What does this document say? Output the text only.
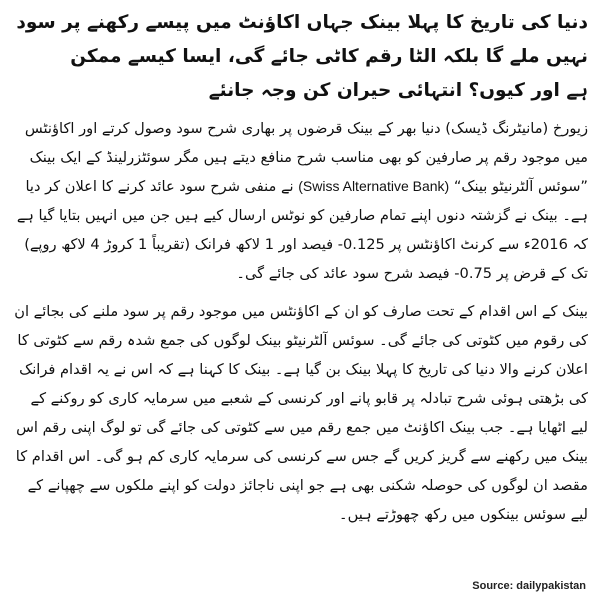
دنیا کی تاریخ کا پہلا بینک جہاں اکاؤنٹ میں پیسے رکھنے پر سود نہیں ملے گا بلکہ الٹا رقم کاٹی جائے گی، ایسا کیسے ممکن
ہے اور کیوں؟ انتہائی حیران کن وجہ جانئے

زیورخ (مانیٹرنگ ڈیسک) دنیا بھر کے بینک قرضوں پر بھاری شرح سود وصول کرتے اور اکاؤنٹس میں موجود رقم پر صارفین کو بھی مناسب شرح منافع دیتے ہیں مگر سوئٹزرلینڈ کے ایک بینک ”سوئس آلٹرنیٹو بینک“ (Swiss Alternative Bank) نے منفی شرح سود عائد کرنے کا اعلان کر دیا ہے۔ بینک نے گزشتہ دنوں اپنے تمام صارفین کو نوٹس ارسال کیے ہیں جن میں انہیں بتایا گیا ہے کہ 2016ء سے کرنٹ اکاؤنٹس پر 0.125- فیصد اور 1 لاکھ فرانک (تقریباً 1 کروڑ 4 لاکھ روپے) تک کے قرض پر 0.75- فیصد شرح سود عائد کی جائے گی۔

بینک کے اس اقدام کے تحت صارف کو ان کے اکاؤنٹس میں موجود رقم پر سود ملنے کی بجائے ان کی رقوم میں کٹوتی کی جائے گی۔ سوئس آلٹرنیٹو بینک لوگوں کی جمع شدہ رقم سے کٹوتی کا اعلان کرنے والا دنیا کی تاریخ کا پہلا بینک بن گیا ہے۔ بینک کا کہنا ہے کہ اس نے یہ اقدام فرانک کی بڑھتی ہوئی شرح تبادلہ پر قابو پانے اور کرنسی کے شعبے میں سرمایہ کاری کو روکنے کے لیے اٹھایا ہے۔ جب بینک اکاؤنٹ میں جمع رقم میں سے کٹوتی کی جائے گی تو لوگ اپنی رقم اس بینک میں رکھنے سے گریز کریں گے جس سے کرنسی کی سرمایہ کاری کم ہو گی۔ اس اقدام کا مقصد ان لوگوں کی حوصلہ شکنی بھی ہے جو اپنی ناجائز دولت کو اپنے ملکوں سے چھپانے کے لیے سوئس بینکوں میں رکھ چھوڑتے ہیں۔

Source: dailypakistan
